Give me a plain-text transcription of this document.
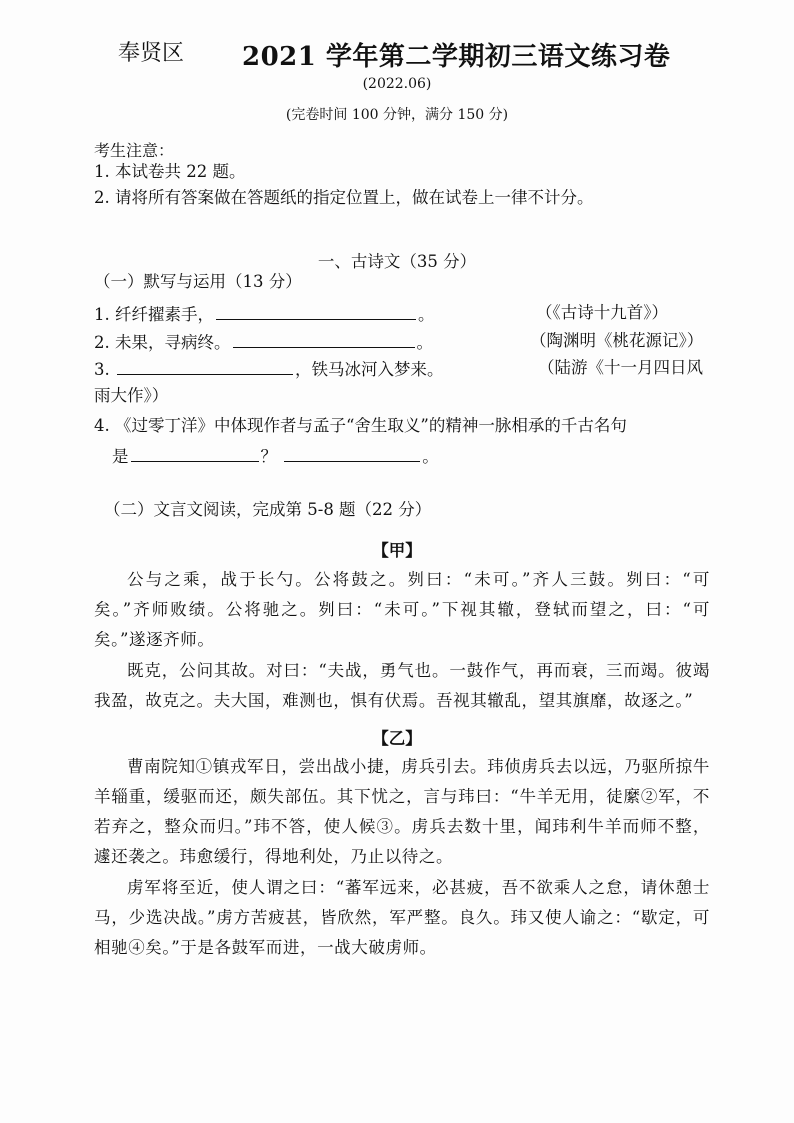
奉贤区 2021 学年第二学期初三语文练习卷
(2022.06)
(完卷时间 100 分钟，满分 150 分)
考生注意：
1. 本试卷共 22 题。
2. 请将所有答案做在答题纸的指定位置上，做在试卷上一律不计分。
一、古诗文（35 分）
（一）默写与运用（13 分）
1. 纤纤擢素手，	。	（《古诗十九首》）
2. 未果，寻病终。	。	（陶渊明《桃花源记》）
3.	，铁马冰河入梦来。	（陆游《十一月四日风
雨大作》）
4. 《过零丁洋》中体现作者与孟子“舍生取义”的精神一脉相承的千古名句
是	？	。
（二）文言文阅读，完成第 5-8 题（22 分）
【甲】
公与之乘，战于长勺。公将鼓之。刿曰：“未可。”齐人三鼓。刿曰：“可矣。”齐师败绩。公将驰之。刿曰：“未可。”下视其辙，登轼而望之，曰：“可矣。”遂逐齐师。
既克，公问其故。对曰：“夫战，勇气也。一鼓作气，再而衰，三而竭。彼竭我盈，故克之。夫大国，难测也，惧有伏焉。吾视其辙乱，望其旗靡，故逐之。”
【乙】
曹南院知①镇戎军日，尝出战小捷，虏兵引去。玮侦虏兵去以远，乃驱所掠牛羊辎重，缓驱而还，颇失部伍。其下忧之，言与玮曰：“牛羊无用，徒縻②军，不若弃之，整众而归。”玮不答，使人候③。虏兵去数十里，闻玮利牛羊而师不整，遽还袭之。玮愈缓行，得地利处，乃止以待之。
虏军将至近，使人谓之曰：“蕃军远来，必甚疲，吾不欲乘人之怠，请休憩士马，少选决战。”虏方苦疲甚，皆欣然，军严整。良久。玮又使人谕之：“歇定，可相驰④矣。”于是各鼓军而进，一战大破虏师。
